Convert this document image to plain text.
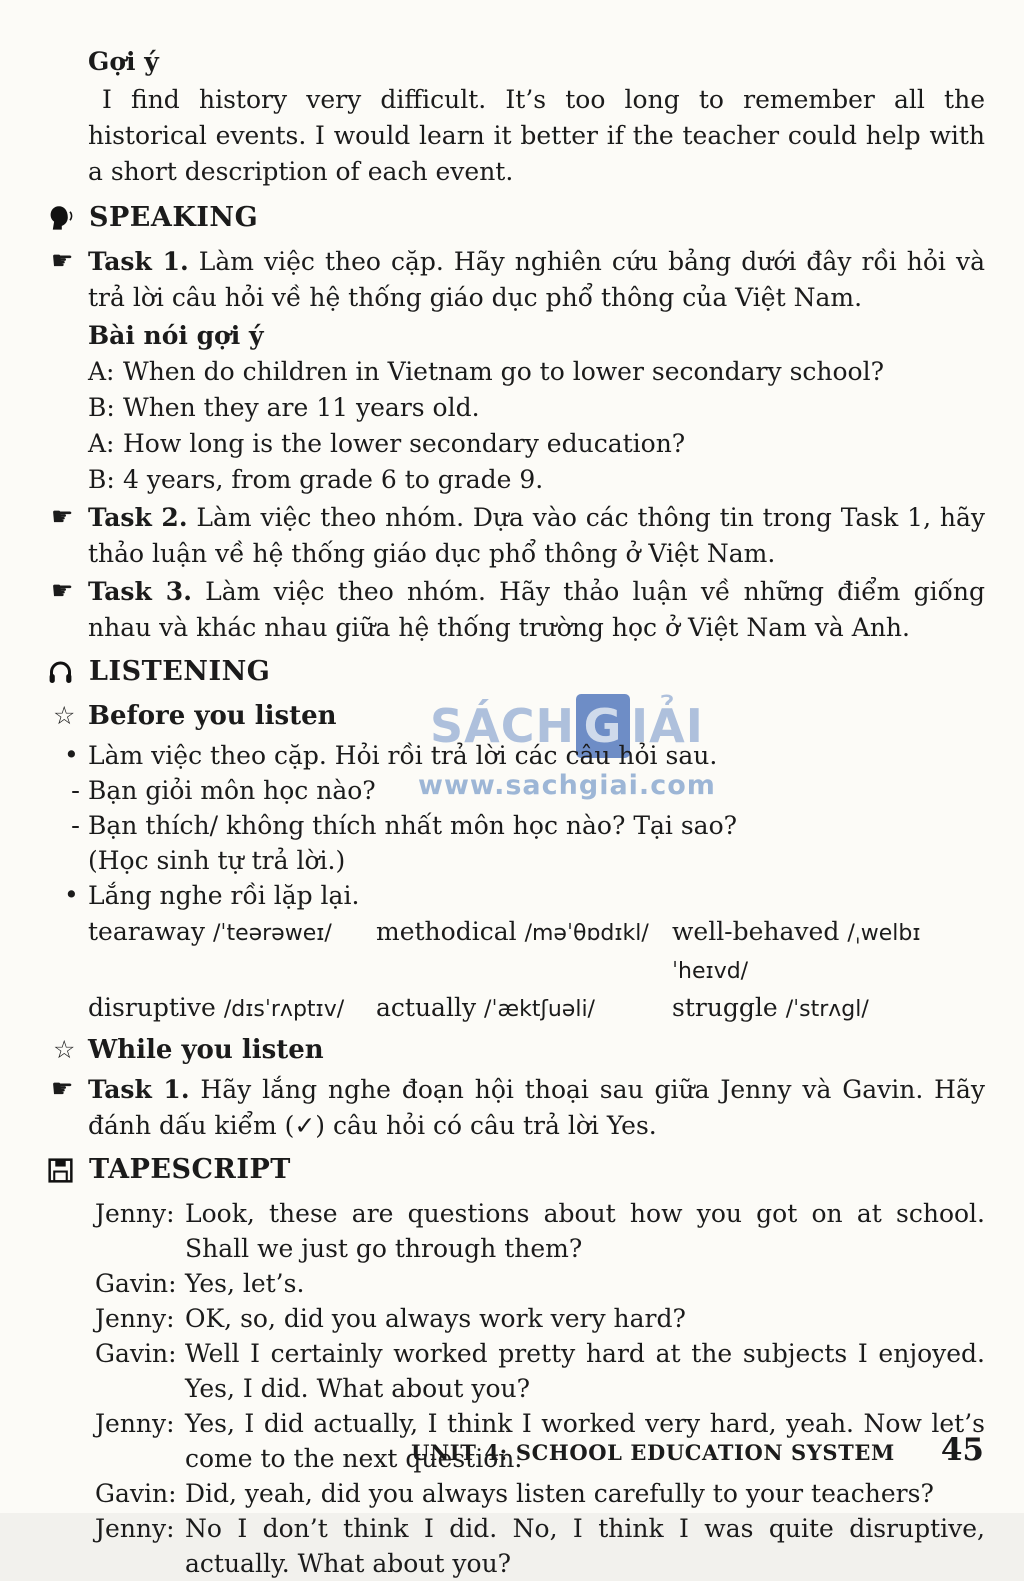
SÁCH G IẢI
www.sachgiai.com
Gợi ý

I find history very difficult. It’s too long to remember all the historical events. I would learn it better if the teacher could help with a short description of each event.

SPEAKING
☛ Task 1. Làm việc theo cặp. Hãy nghiên cứu bảng dưới đây rồi hỏi và trả lời câu hỏi về hệ thống giáo dục phổ thông của Việt Nam.
Bài nói gợi ý
A: When do children in Vietnam go to lower secondary school?
B: When they are 11 years old.
A: How long is the lower secondary education?
B: 4 years, from grade 6 to grade 9.
☛ Task 2. Làm việc theo nhóm. Dựa vào các thông tin trong Task 1, hãy thảo luận về hệ thống giáo dục phổ thông ở Việt Nam.
☛ Task 3. Làm việc theo nhóm. Hãy thảo luận về những điểm giống nhau và khác nhau giữa hệ thống trường học ở Việt Nam và Anh.
LISTENING
☆ Before you listen
• Làm việc theo cặp. Hỏi rồi trả lời các câu hỏi sau.
- Bạn giỏi môn học nào?
- Bạn thích/ không thích nhất môn học nào? Tại sao?
(Học sinh tự trả lời.)
• Lắng nghe rồi lặp lại.
tearaway /ˈteərəweɪ/	methodical /məˈθɒdɪkl/ well-behaved /ˌwelbɪˈheɪvd/
disruptive /dɪsˈrʌptɪv/	actually /ˈæktʃuəli/	struggle /ˈstrʌgl/
☆ While you listen
☛ Task 1. Hãy lắng nghe đoạn hội thoại sau giữa Jenny và Gavin. Hãy đánh dấu kiểm (✓) câu hỏi có câu trả lời Yes.
TAPESCRIPT
Jenny: Look, these are questions about how you got on at school. Shall we just go through them?
Gavin: Yes, let’s.
Jenny: OK, so, did you always work very hard?
Gavin: Well I certainly worked pretty hard at the subjects I enjoyed. Yes, I did. What about you?
Jenny: Yes, I did actually, I think I worked very hard, yeah. Now let’s come to the next question.
Gavin: Did, yeah, did you always listen carefully to your teachers?
Jenny: No I don’t think I did. No, I think I was quite disruptive, actually. What about you?
UNIT 4: SCHOOL EDUCATION SYSTEM 45
